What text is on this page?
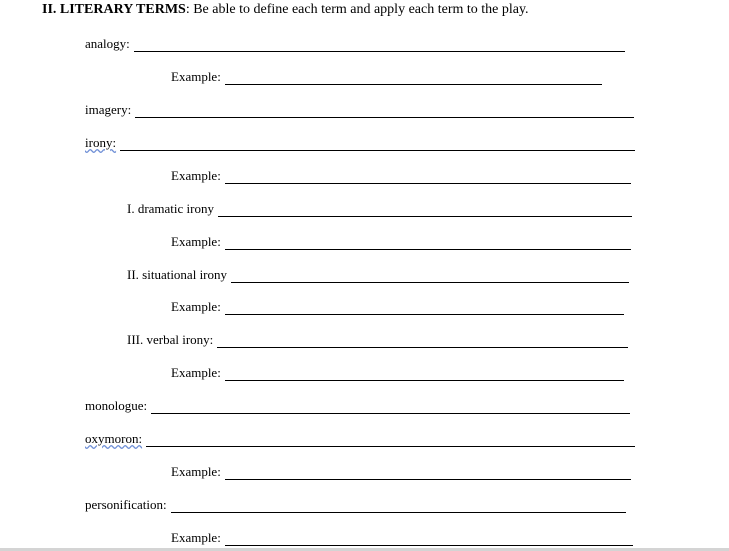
II. LITERARY TERMS: Be able to define each term and apply each term to the play.
analogy:
Example:
imagery:
irony:
Example:
I. dramatic irony
Example:
II. situational irony
Example:
III. verbal irony:
Example:
monologue:
oxymoron:
Example:
personification:
Example:
